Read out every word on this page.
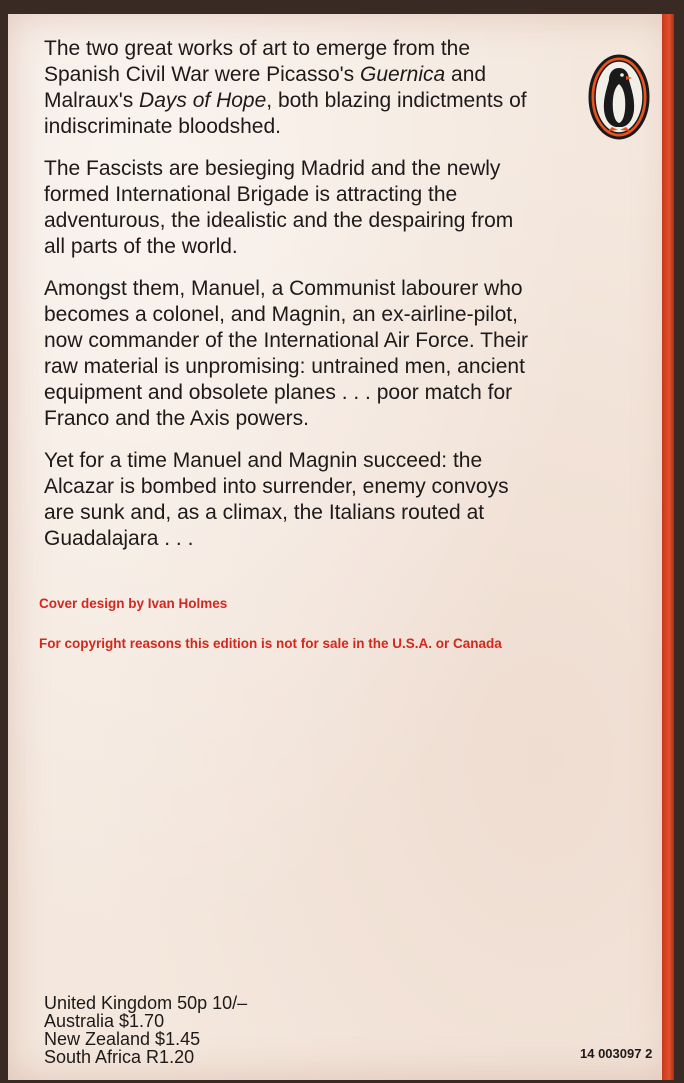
The two great works of art to emerge from the Spanish Civil War were Picasso's Guernica and Malraux's Days of Hope, both blazing indictments of indiscriminate bloodshed.

The Fascists are besieging Madrid and the newly formed International Brigade is attracting the adventurous, the idealistic and the despairing from all parts of the world.

Amongst them, Manuel, a Communist labourer who becomes a colonel, and Magnin, an ex-airline-pilot, now commander of the International Air Force. Their raw material is unpromising: untrained men, ancient equipment and obsolete planes . . . poor match for Franco and the Axis powers.

Yet for a time Manuel and Magnin succeed: the Alcazar is bombed into surrender, enemy convoys are sunk and, as a climax, the Italians routed at Guadalajara . . .

Cover design by Ivan Holmes
For copyright reasons this edition is not for sale in the U.S.A. or Canada
United Kingdom 50p 10/–
Australia $1.70
New Zealand $1.45
South Africa R1.20	14 003097 2
